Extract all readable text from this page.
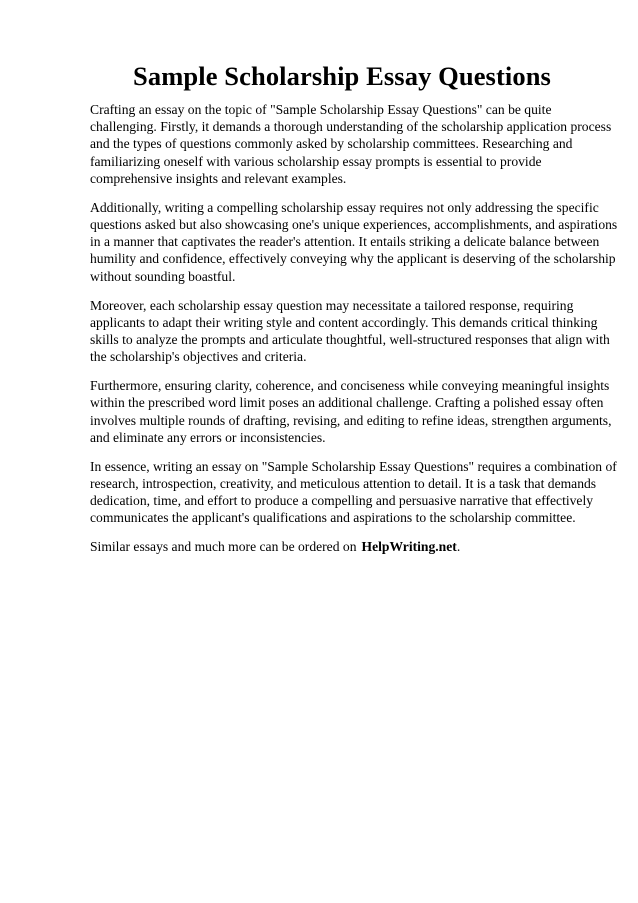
Sample Scholarship Essay Questions

Crafting an essay on the topic of "Sample Scholarship Essay Questions" can be quite
challenging. Firstly, it demands a thorough understanding of the scholarship application process
and the types of questions commonly asked by scholarship committees. Researching and
familiarizing oneself with various scholarship essay prompts is essential to provide
comprehensive insights and relevant examples.

Additionally, writing a compelling scholarship essay requires not only addressing the specific
questions asked but also showcasing one's unique experiences, accomplishments, and aspirations
in a manner that captivates the reader's attention. It entails striking a delicate balance between
humility and confidence, effectively conveying why the applicant is deserving of the scholarship
without sounding boastful.

Moreover, each scholarship essay question may necessitate a tailored response, requiring
applicants to adapt their writing style and content accordingly. This demands critical thinking
skills to analyze the prompts and articulate thoughtful, well-structured responses that align with
the scholarship's objectives and criteria.

Furthermore, ensuring clarity, coherence, and conciseness while conveying meaningful insights
within the prescribed word limit poses an additional challenge. Crafting a polished essay often
involves multiple rounds of drafting, revising, and editing to refine ideas, strengthen arguments,
and eliminate any errors or inconsistencies.

In essence, writing an essay on "Sample Scholarship Essay Questions" requires a combination of
research, introspection, creativity, and meticulous attention to detail. It is a task that demands
dedication, time, and effort to produce a compelling and persuasive narrative that effectively
communicates the applicant's qualifications and aspirations to the scholarship committee.

Similar essays and much more can be ordered on HelpWriting.net.
